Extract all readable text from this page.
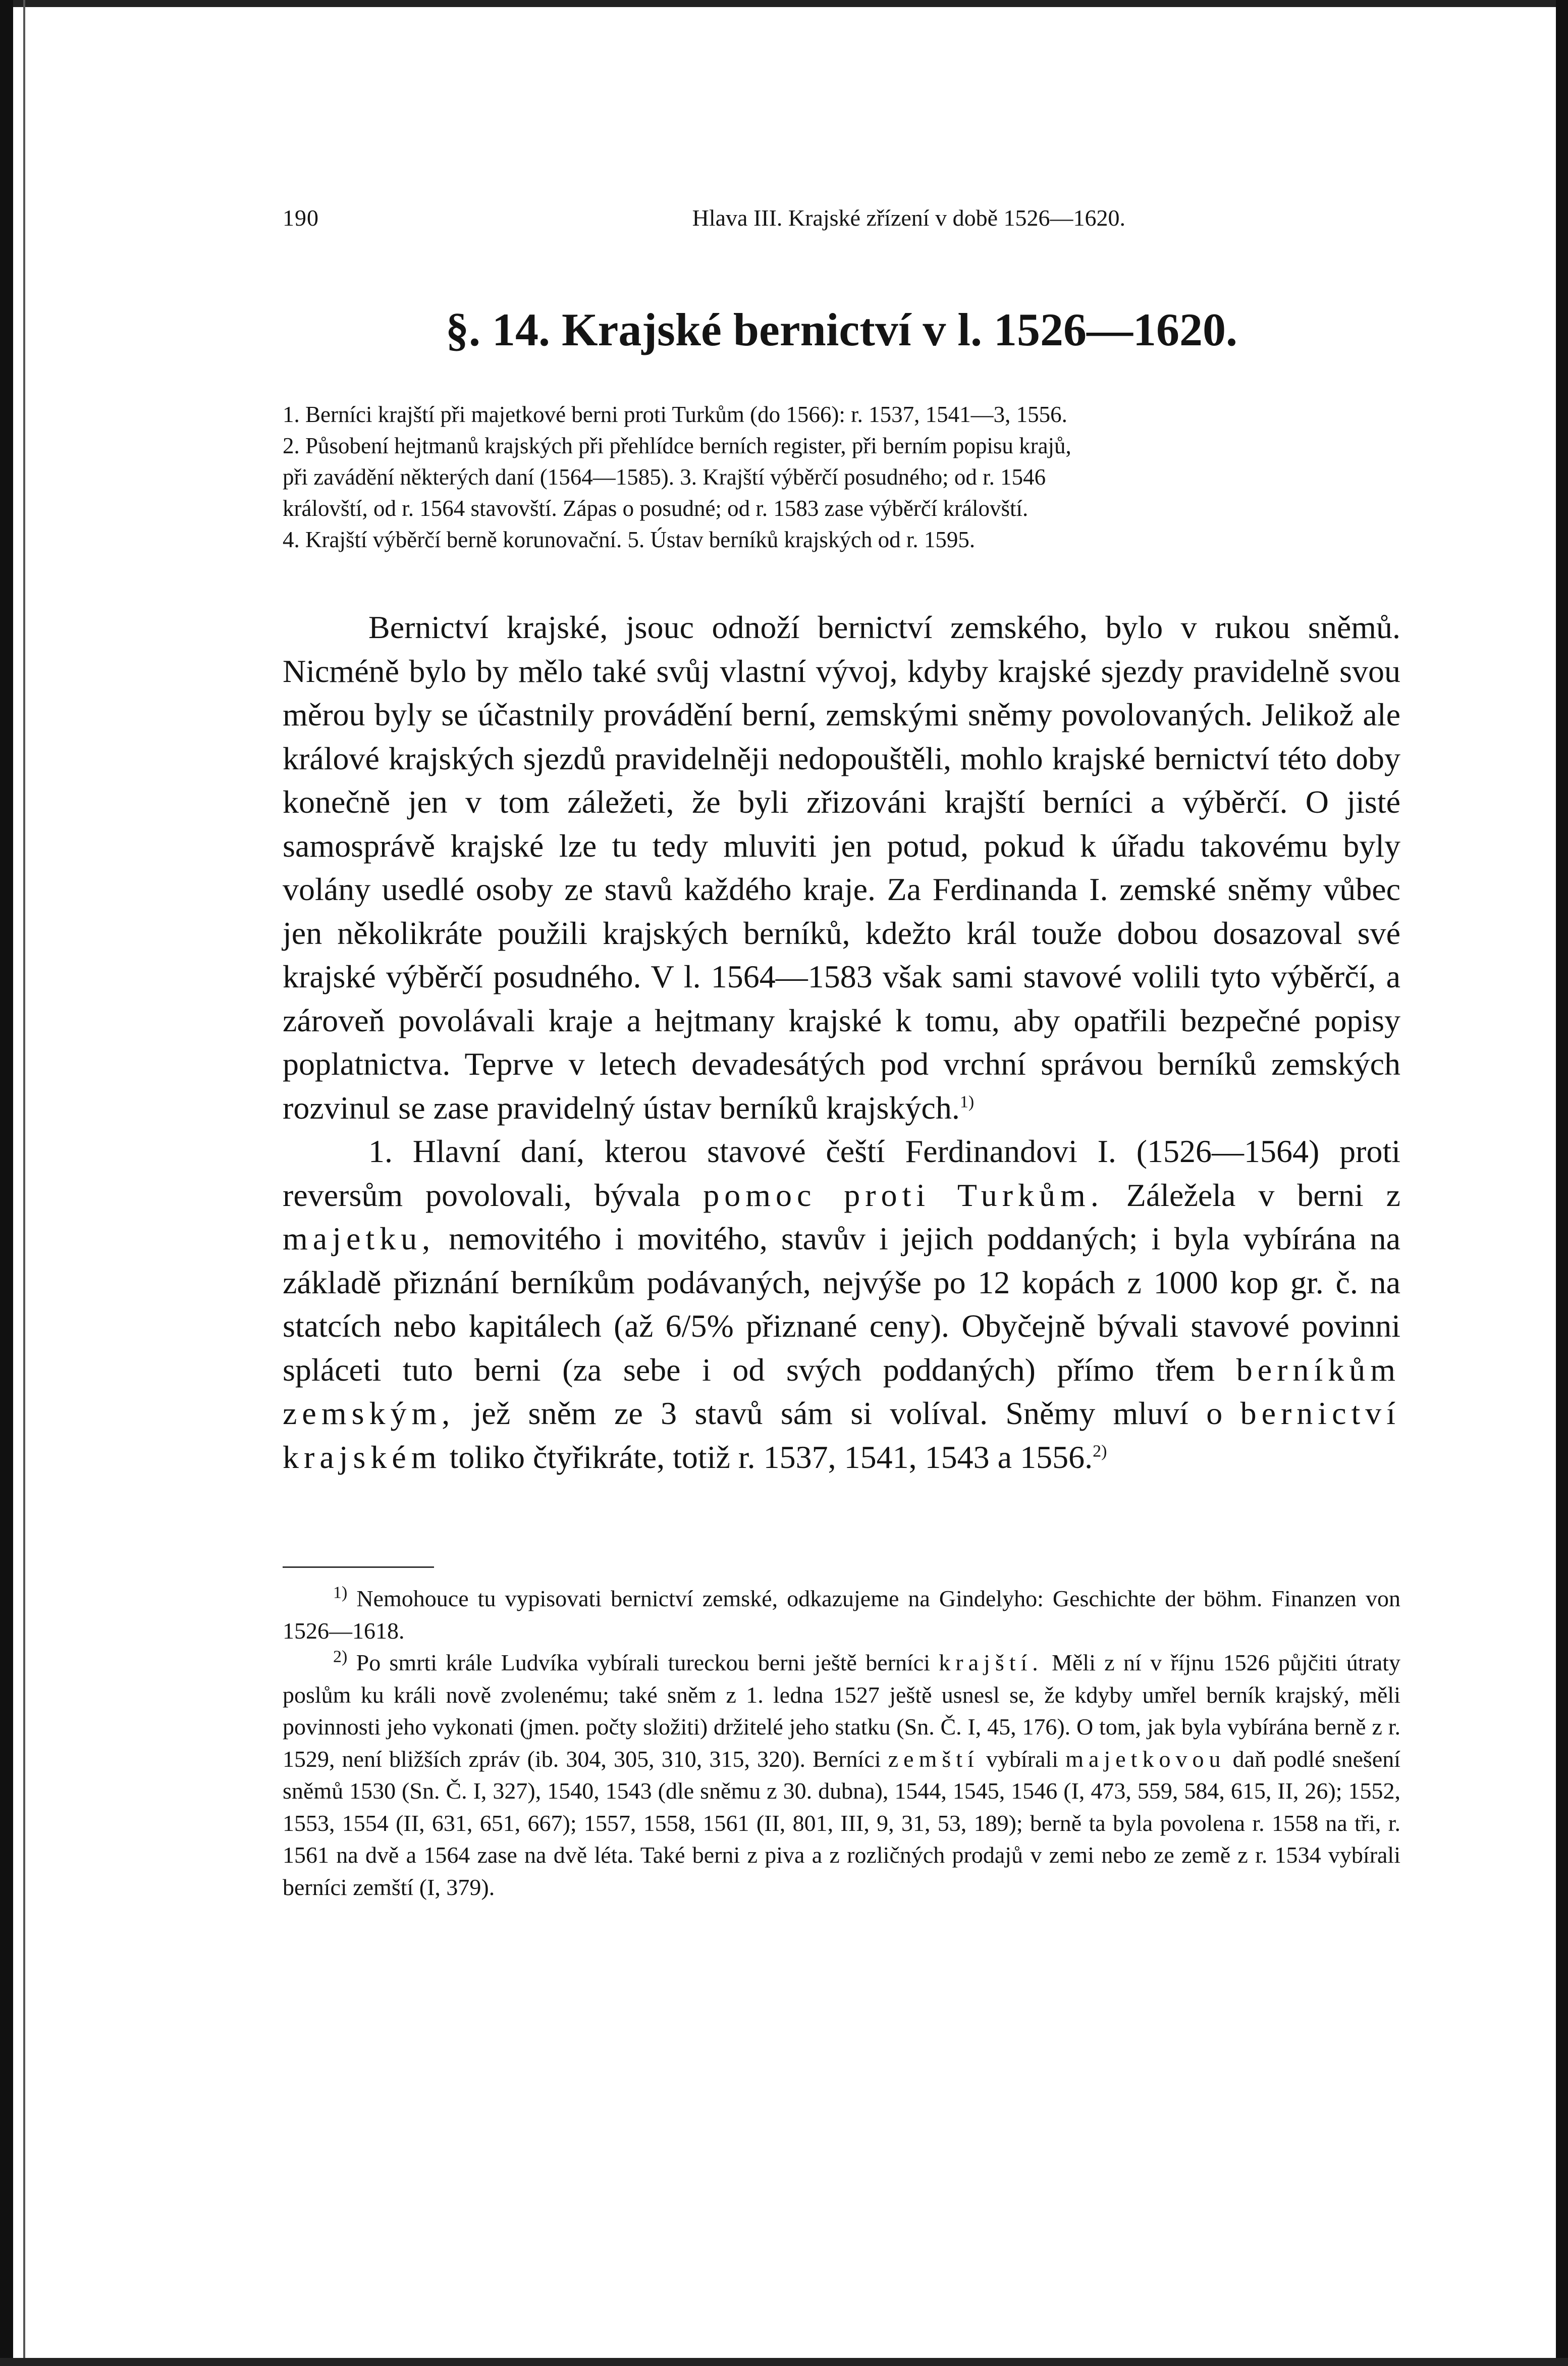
190	Hlava III. Krajské zřízení v době 1526—1620.
§. 14. Krajské bernictví v l. 1526—1620.
1. Berníci krajští při majetkové berni proti Turkům (do 1566): r. 1537, 1541—3, 1556.
2. Působení hejtmanů krajských při přehlídce berních register, při berním popisu krajů,
při zavádění některých daní (1564—1585). 3. Krajští výběrčí posudného; od r. 1546
královští, od r. 1564 stavovští. Zápas o posudné; od r. 1583 zase výběrčí královští.
4. Krajští výběrčí berně korunovační. 5. Ústav berníků krajských od r. 1595.

Bernictví krajské, jsouc odnoží bernictví zemského, bylo v rukou sněmů. Nicméně bylo by mělo také svůj vlastní vývoj, kdyby krajské sjezdy pravidelně svou měrou byly se účastnily provádění berní, zemskými sněmy povolovaných. Jelikož ale králové krajských sjezdů pravidelněji nedopouštěli, mohlo krajské bernictví této doby konečně jen v tom záležeti, že byli zřizováni krajští berníci a výběrčí. O jisté samosprávě krajské lze tu tedy mluviti jen potud, pokud k úřadu takovému byly volány usedlé osoby ze stavů každého kraje. Za Ferdinanda I. zemské sněmy vůbec jen několikráte použili krajských berníků, kdežto král touže dobou dosazoval své krajské výběrčí posudného. V l. 1564—1583 však sami stavové volili tyto výběrčí, a zároveň povolávali kraje a hejtmany krajské k tomu, aby opatřili bezpečné popisy poplatnictva. Teprve v letech devadesátých pod vrchní správou berníků zemských rozvinul se zase pravidelný ústav berníků krajských.$^{1)}$

1. Hlavní daní, kterou stavové čeští Ferdinandovi I. (1526—1564) proti reversům povolovali, bývala pomoc proti Turkům. Záležela v berni z majetku, nemovitého i movitého, stavův i jejich poddaných; i byla vybírána na základě přiznání berníkům podávaných, nejvýše po 12 kopách z 1000 kop gr. č. na statcích nebo kapitálech (až 6/5% přiznané ceny). Obyčejně bývali stavové povinni spláceti tuto berni (za sebe i od svých poddaných) přímo třem berníkům zemským, jež sněm ze 3 stavů sám si volíval. Sněmy mluví o bernictví krajském toliko čtyřikráte, totiž r. 1537, 1541, 1543 a 1556.$^{2)}$

$^{1)}$ Nemohouce tu vypisovati bernictví zemské, odkazujeme na Gindelyho: Geschichte der böhm. Finanzen von 1526—1618.

$^{2)}$ Po smrti krále Ludvíka vybírali tureckou berni ještě berníci krajští. Měli z ní v říjnu 1526 půjčiti útraty poslům ku králi nově zvolenému; také sněm z 1. ledna 1527 ještě usnesl se, že kdyby umřel berník krajský, měli povinnosti jeho vykonati (jmen. počty složiti) držitelé jeho statku (Sn. Č. I, 45, 176). O tom, jak byla vybírána berně z r. 1529, není bližších zpráv (ib. 304, 305, 310, 315, 320). Berníci zemští vybírali majetkovou daň podlé snešení sněmů 1530 (Sn. Č. I, 327), 1540, 1543 (dle sněmu z 30. dubna), 1544, 1545, 1546 (I, 473, 559, 584, 615, II, 26); 1552, 1553, 1554 (II, 631, 651, 667); 1557, 1558, 1561 (II, 801, III, 9, 31, 53, 189); berně ta byla povolena r. 1558 na tři, r. 1561 na dvě a 1564 zase na dvě léta. Také berni z piva a z rozličných prodajů v zemi nebo ze země z r. 1534 vybírali berníci zemští (I, 379).
